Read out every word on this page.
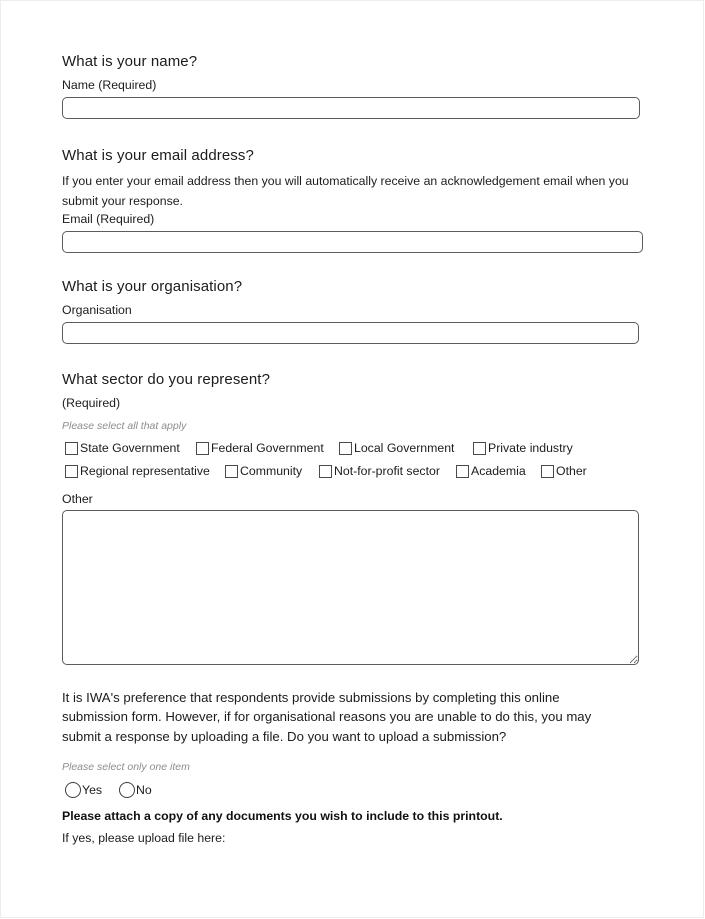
What is your name?
Name (Required)
What is your email address?

If you enter your email address then you will automatically receive an acknowledgement email when you submit your response.

Email (Required)
What is your organisation?
Organisation
What sector do you represent?
(Required)
Please select all that apply
State Government	Federal Government Local Government	Private industry
Regional representative Community	Not-for-profit sector	Academia Other
Other

It is IWA's preference that respondents provide submissions by completing this online submission form. However, if for organisational reasons you are unable to do this, you may submit a response by uploading a file. Do you want to upload a submission?

Please select only one item
Yes	No
Please attach a copy of any documents you wish to include to this printout.
If yes, please upload file here:
